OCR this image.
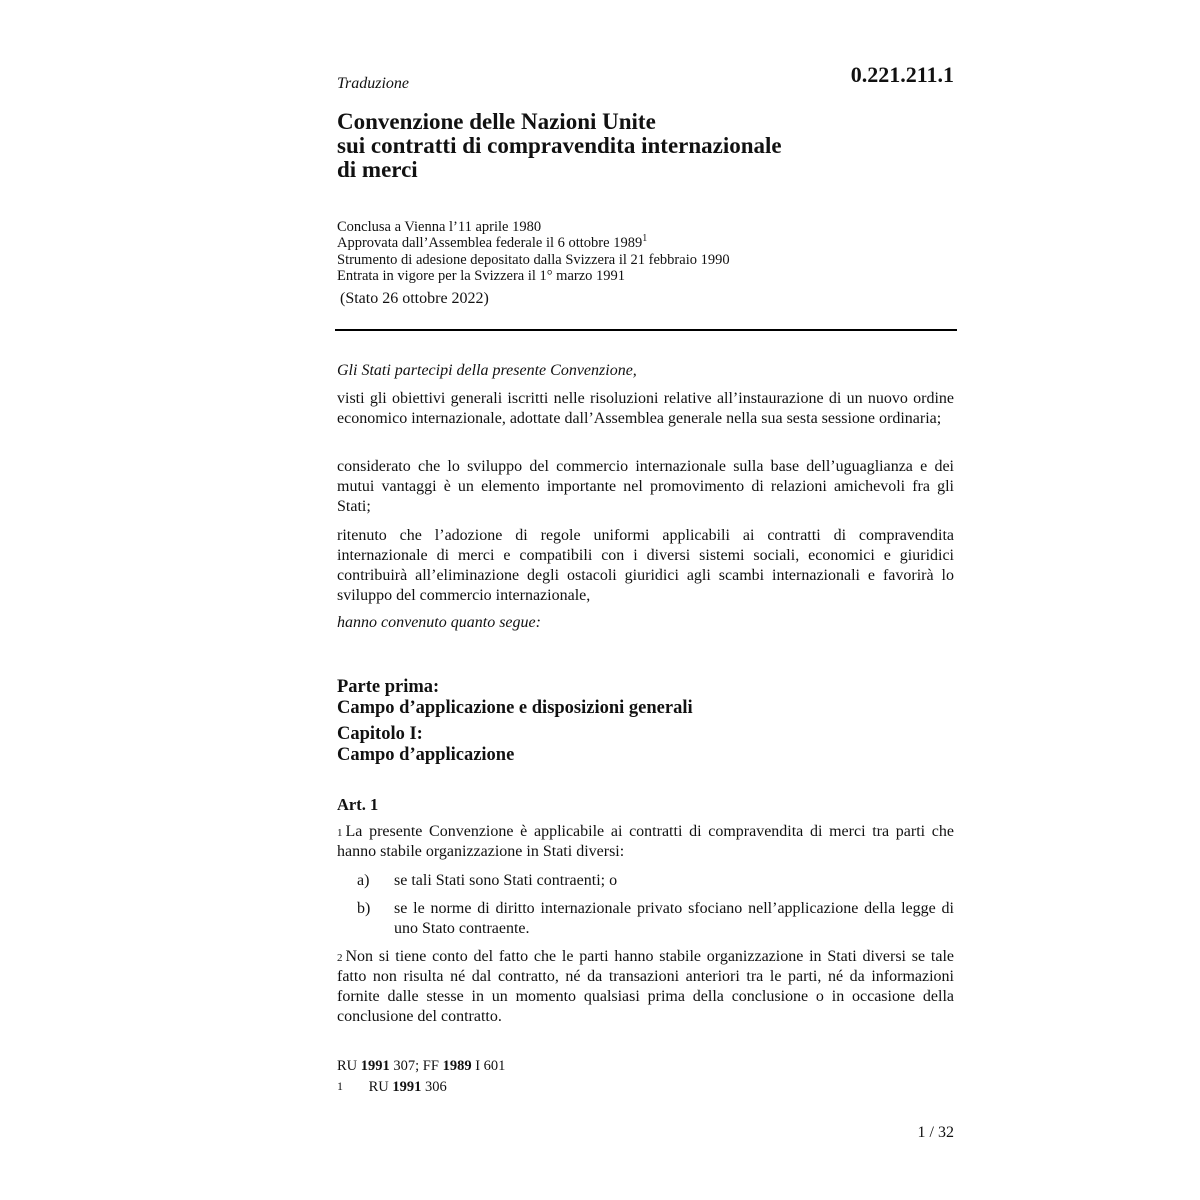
0.221.211.1
Traduzione
Convenzione delle Nazioni Unite
sui contratti di compravendita internazionale
di merci
Conclusa a Vienna l’11 aprile 1980
Approvata dall’Assemblea federale il 6 ottobre 1989$^1$
Strumento di adesione depositato dalla Svizzera il 21 febbraio 1990
Entrata in vigore per la Svizzera il 1° marzo 1991
(Stato 26 ottobre 2022)
Gli Stati partecipi della presente Convenzione,
visti gli obiettivi generali iscritti nelle risoluzioni relative all’instaurazione di un nuovo ordine economico internazionale, adottate dall’Assemblea generale nella sua sesta sessione ordinaria;
considerato che lo sviluppo del commercio internazionale sulla base dell’uguaglianza e dei mutui vantaggi è un elemento importante nel promovimento di relazioni amichevoli fra gli Stati;
ritenuto che l’adozione di regole uniformi applicabili ai contratti di compravendita internazionale di merci e compatibili con i diversi sistemi sociali, economici e giuridici contribuirà all’eliminazione degli ostacoli giuridici agli scambi internazionali e favorirà lo sviluppo del commercio internazionale,
hanno convenuto quanto segue:
Parte prima:
Campo d’applicazione e disposizioni generali
Capitolo I:
Campo d’applicazione
Art. 1
$^1$ La presente Convenzione è applicabile ai contratti di compravendita di merci tra parti che hanno stabile organizzazione in Stati diversi:
a) se tali Stati sono Stati contraenti; o
b) se le norme di diritto internazionale privato sfociano nell’applicazione della legge di uno Stato contraente.
$^2$ Non si tiene conto del fatto che le parti hanno stabile organizzazione in Stati diversi se tale fatto non risulta né dal contratto, né da transazioni anteriori tra le parti, né da informazioni fornite dalle stesse in un momento qualsiasi prima della conclusione o in occasione della conclusione del contratto.
RU 1991 307; FF 1989 I 601
$^1$ RU 1991 306
1 / 32
